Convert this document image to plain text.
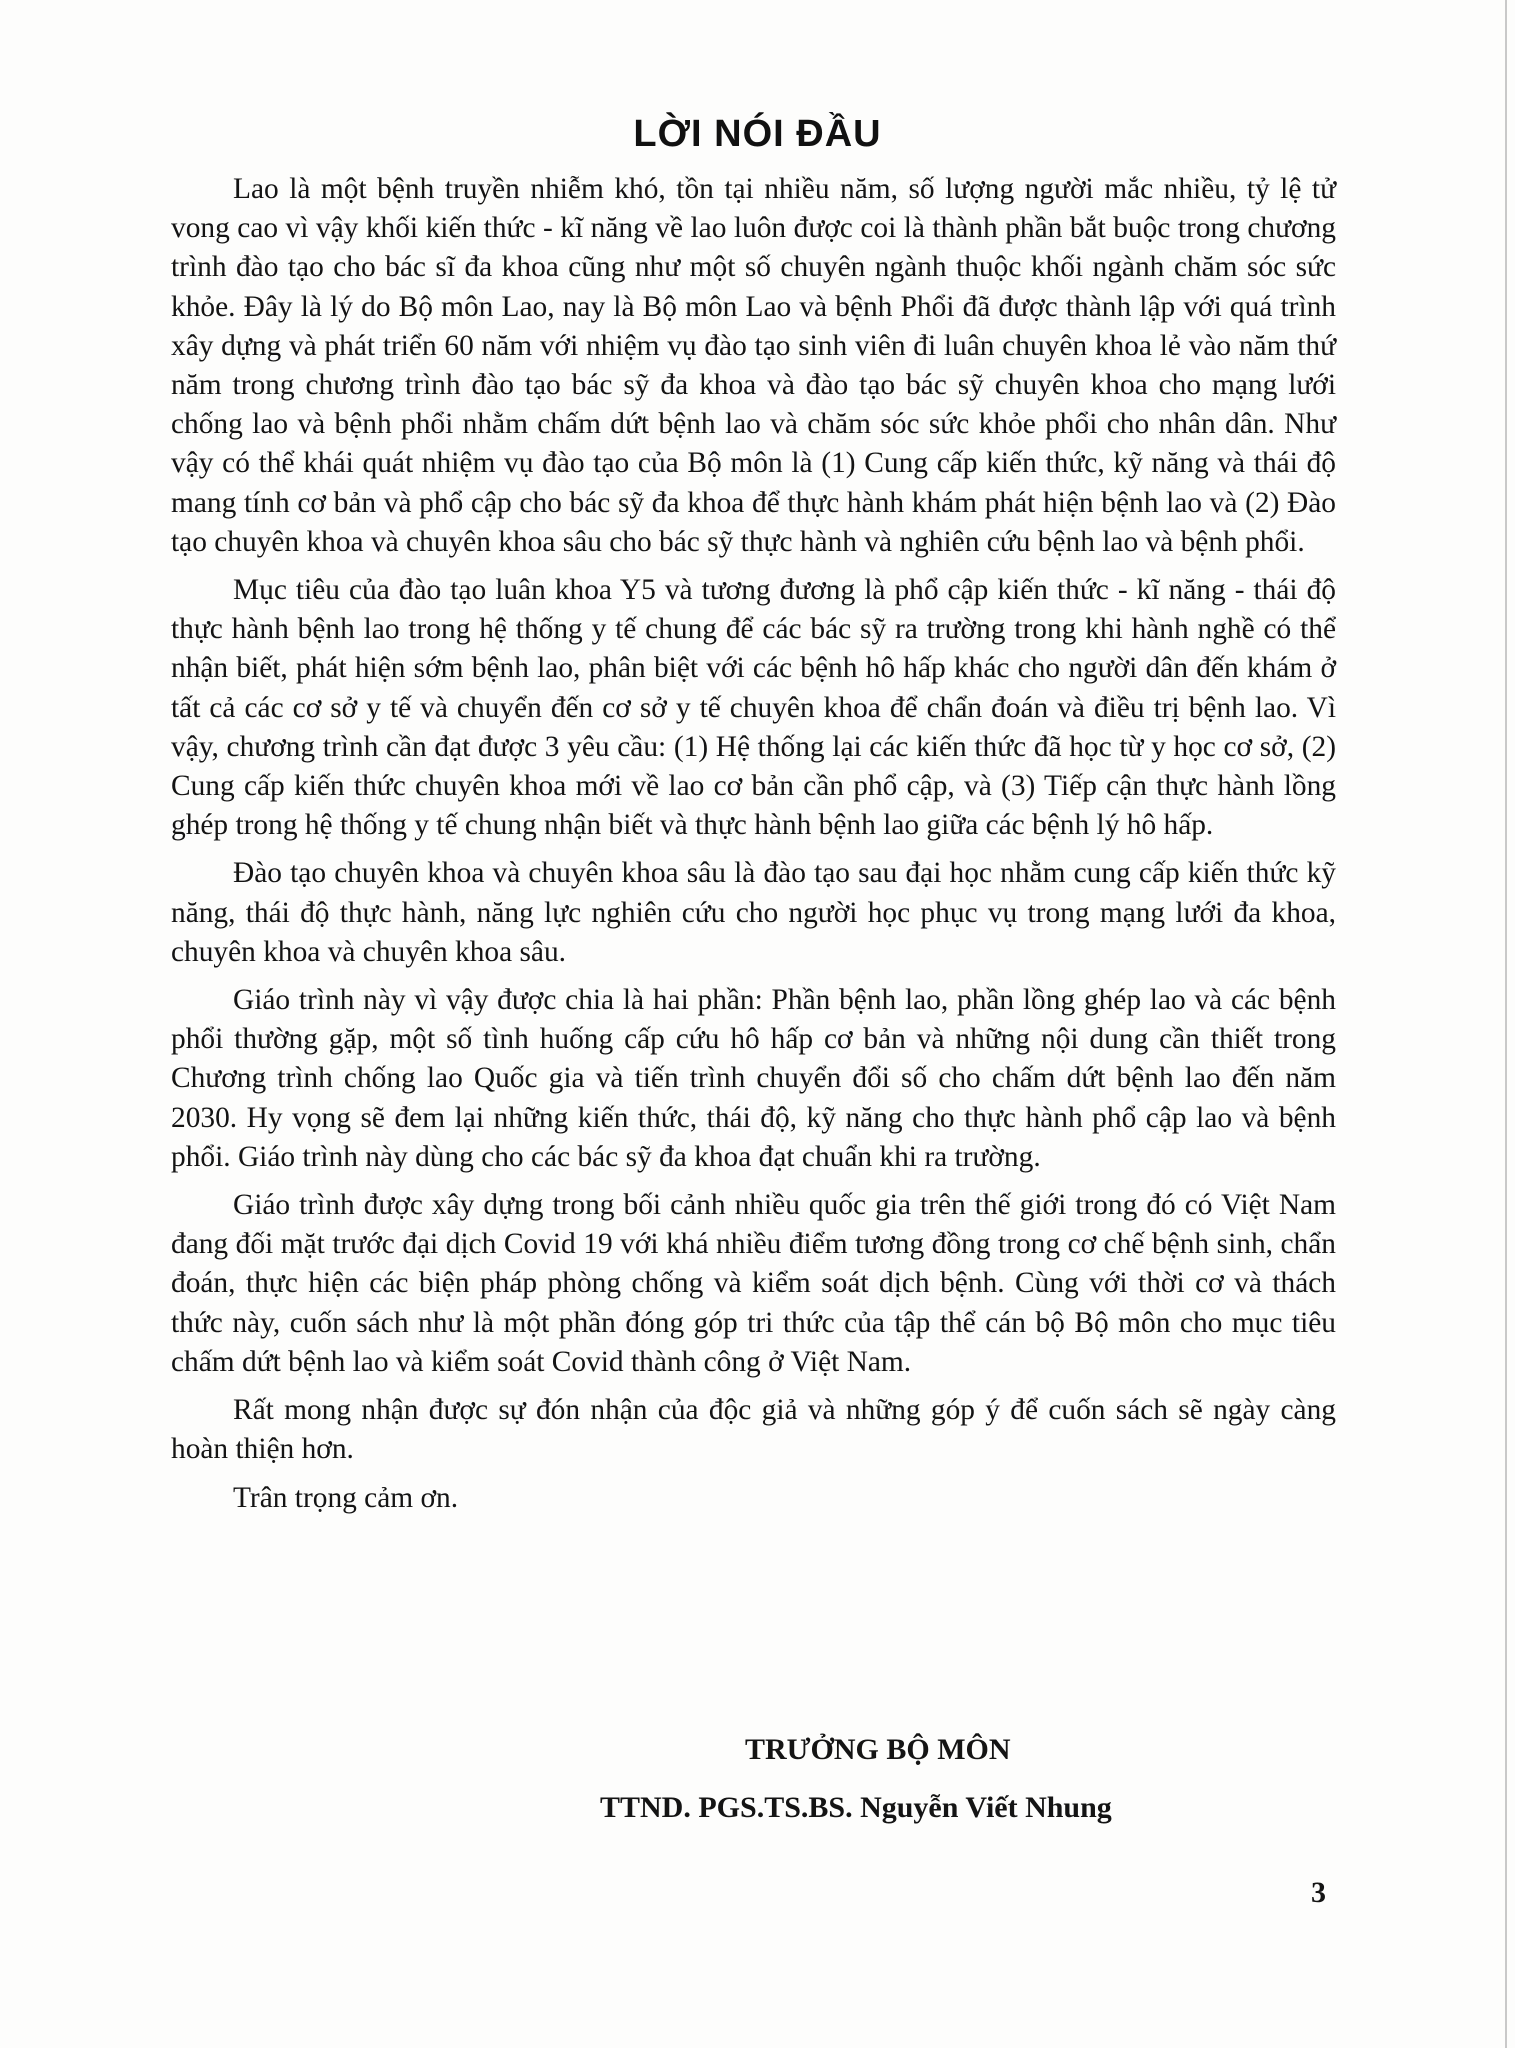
LỜI NÓI ĐẦU

Lao là một bệnh truyền nhiễm khó, tồn tại nhiều năm, số lượng người mắc nhiều, tỷ lệ tử vong cao vì vậy khối kiến thức - kĩ năng về lao luôn được coi là thành phần bắt buộc trong chương trình đào tạo cho bác sĩ đa khoa cũng như một số chuyên ngành thuộc khối ngành chăm sóc sức khỏe. Đây là lý do Bộ môn Lao, nay là Bộ môn Lao và bệnh Phổi đã được thành lập với quá trình xây dựng và phát triển 60 năm với nhiệm vụ đào tạo sinh viên đi luân chuyên khoa lẻ vào năm thứ năm trong chương trình đào tạo bác sỹ đa khoa và đào tạo bác sỹ chuyên khoa cho mạng lưới chống lao và bệnh phổi nhằm chấm dứt bệnh lao và chăm sóc sức khỏe phổi cho nhân dân. Như vậy có thể khái quát nhiệm vụ đào tạo của Bộ môn là (1) Cung cấp kiến thức, kỹ năng và thái độ mang tính cơ bản và phổ cập cho bác sỹ đa khoa để thực hành khám phát hiện bệnh lao và (2) Đào tạo chuyên khoa và chuyên khoa sâu cho bác sỹ thực hành và nghiên cứu bệnh lao và bệnh phổi.

Mục tiêu của đào tạo luân khoa Y5 và tương đương là phổ cập kiến thức - kĩ năng - thái độ thực hành bệnh lao trong hệ thống y tế chung để các bác sỹ ra trường trong khi hành nghề có thể nhận biết, phát hiện sớm bệnh lao, phân biệt với các bệnh hô hấp khác cho người dân đến khám ở tất cả các cơ sở y tế và chuyển đến cơ sở y tế chuyên khoa để chẩn đoán và điều trị bệnh lao. Vì vậy, chương trình cần đạt được 3 yêu cầu: (1) Hệ thống lại các kiến thức đã học từ y học cơ sở, (2) Cung cấp kiến thức chuyên khoa mới về lao cơ bản cần phổ cập, và (3) Tiếp cận thực hành lồng ghép trong hệ thống y tế chung nhận biết và thực hành bệnh lao giữa các bệnh lý hô hấp.

Đào tạo chuyên khoa và chuyên khoa sâu là đào tạo sau đại học nhằm cung cấp kiến thức kỹ năng, thái độ thực hành, năng lực nghiên cứu cho người học phục vụ trong mạng lưới đa khoa, chuyên khoa và chuyên khoa sâu.

Giáo trình này vì vậy được chia là hai phần: Phần bệnh lao, phần lồng ghép lao và các bệnh phổi thường gặp, một số tình huống cấp cứu hô hấp cơ bản và những nội dung cần thiết trong Chương trình chống lao Quốc gia và tiến trình chuyển đổi số cho chấm dứt bệnh lao đến năm 2030. Hy vọng sẽ đem lại những kiến thức, thái độ, kỹ năng cho thực hành phổ cập lao và bệnh phổi. Giáo trình này dùng cho các bác sỹ đa khoa đạt chuẩn khi ra trường.

Giáo trình được xây dựng trong bối cảnh nhiều quốc gia trên thế giới trong đó có Việt Nam đang đối mặt trước đại dịch Covid 19 với khá nhiều điểm tương đồng trong cơ chế bệnh sinh, chẩn đoán, thực hiện các biện pháp phòng chống và kiểm soát dịch bệnh. Cùng với thời cơ và thách thức này, cuốn sách như là một phần đóng góp tri thức của tập thể cán bộ Bộ môn cho mục tiêu chấm dứt bệnh lao và kiểm soát Covid thành công ở Việt Nam.

Rất mong nhận được sự đón nhận của độc giả và những góp ý để cuốn sách sẽ ngày càng hoàn thiện hơn.

Trân trọng cảm ơn.

TRƯỞNG BỘ MÔN
TTND. PGS.TS.BS. Nguyễn Viết Nhung
3
